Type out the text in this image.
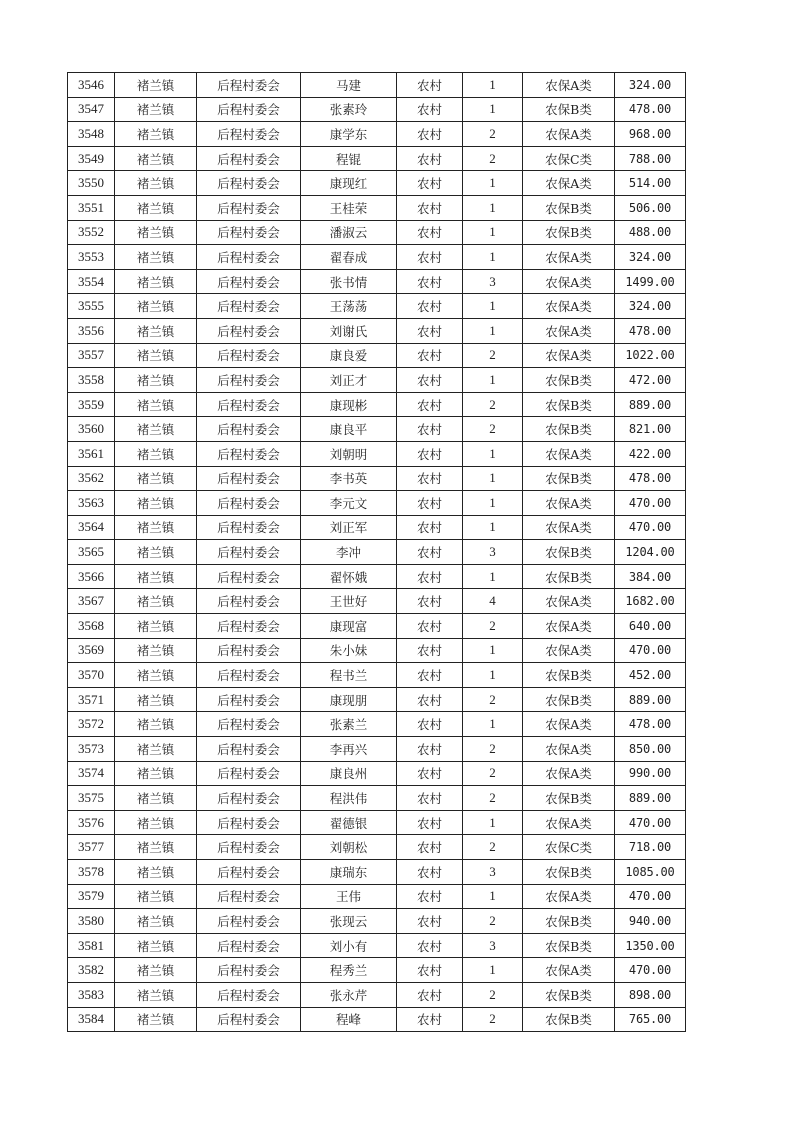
3546	褚兰镇	后程村委会	马建	农村	1	农保A类	324.00
3547	褚兰镇	后程村委会	张素玲	农村	1	农保B类	478.00
3548	褚兰镇	后程村委会	康学东	农村	2	农保A类	968.00
3549	褚兰镇	后程村委会	程锟	农村	2	农保C类	788.00
3550	褚兰镇	后程村委会	康现红	农村	1	农保A类	514.00
3551	褚兰镇	后程村委会	王桂荣	农村	1	农保B类	506.00
3552	褚兰镇	后程村委会	潘淑云	农村	1	农保B类	488.00
3553	褚兰镇	后程村委会	翟春成	农村	1	农保A类	324.00
3554	褚兰镇	后程村委会	张书情	农村	3	农保A类	1499.00
3555	褚兰镇	后程村委会	王荡荡	农村	1	农保A类	324.00
3556	褚兰镇	后程村委会	刘谢氏	农村	1	农保A类	478.00
3557	褚兰镇	后程村委会	康良爱	农村	2	农保A类	1022.00
3558	褚兰镇	后程村委会	刘正才	农村	1	农保B类	472.00
3559	褚兰镇	后程村委会	康现彬	农村	2	农保B类	889.00
3560	褚兰镇	后程村委会	康良平	农村	2	农保B类	821.00
3561	褚兰镇	后程村委会	刘朝明	农村	1	农保A类	422.00
3562	褚兰镇	后程村委会	李书英	农村	1	农保B类	478.00
3563	褚兰镇	后程村委会	李元文	农村	1	农保A类	470.00
3564	褚兰镇	后程村委会	刘正军	农村	1	农保A类	470.00
3565	褚兰镇	后程村委会	李冲	农村	3	农保B类	1204.00
3566	褚兰镇	后程村委会	翟怀娥	农村	1	农保B类	384.00
3567	褚兰镇	后程村委会	王世好	农村	4	农保A类	1682.00
3568	褚兰镇	后程村委会	康现富	农村	2	农保A类	640.00
3569	褚兰镇	后程村委会	朱小妹	农村	1	农保A类	470.00
3570	褚兰镇	后程村委会	程书兰	农村	1	农保B类	452.00
3571	褚兰镇	后程村委会	康现朋	农村	2	农保B类	889.00
3572	褚兰镇	后程村委会	张素兰	农村	1	农保A类	478.00
3573	褚兰镇	后程村委会	李再兴	农村	2	农保A类	850.00
3574	褚兰镇	后程村委会	康良州	农村	2	农保A类	990.00
3575	褚兰镇	后程村委会	程洪伟	农村	2	农保B类	889.00
3576	褚兰镇	后程村委会	翟德银	农村	1	农保A类	470.00
3577	褚兰镇	后程村委会	刘朝松	农村	2	农保C类	718.00
3578	褚兰镇	后程村委会	康瑞东	农村	3	农保B类	1085.00
3579	褚兰镇	后程村委会	王伟	农村	1	农保A类	470.00
3580	褚兰镇	后程村委会	张现云	农村	2	农保B类	940.00
3581	褚兰镇	后程村委会	刘小有	农村	3	农保B类	1350.00
3582	褚兰镇	后程村委会	程秀兰	农村	1	农保A类	470.00
3583	褚兰镇	后程村委会	张永芹	农村	2	农保B类	898.00
3584	褚兰镇	后程村委会	程峰	农村	2	农保B类	765.00
